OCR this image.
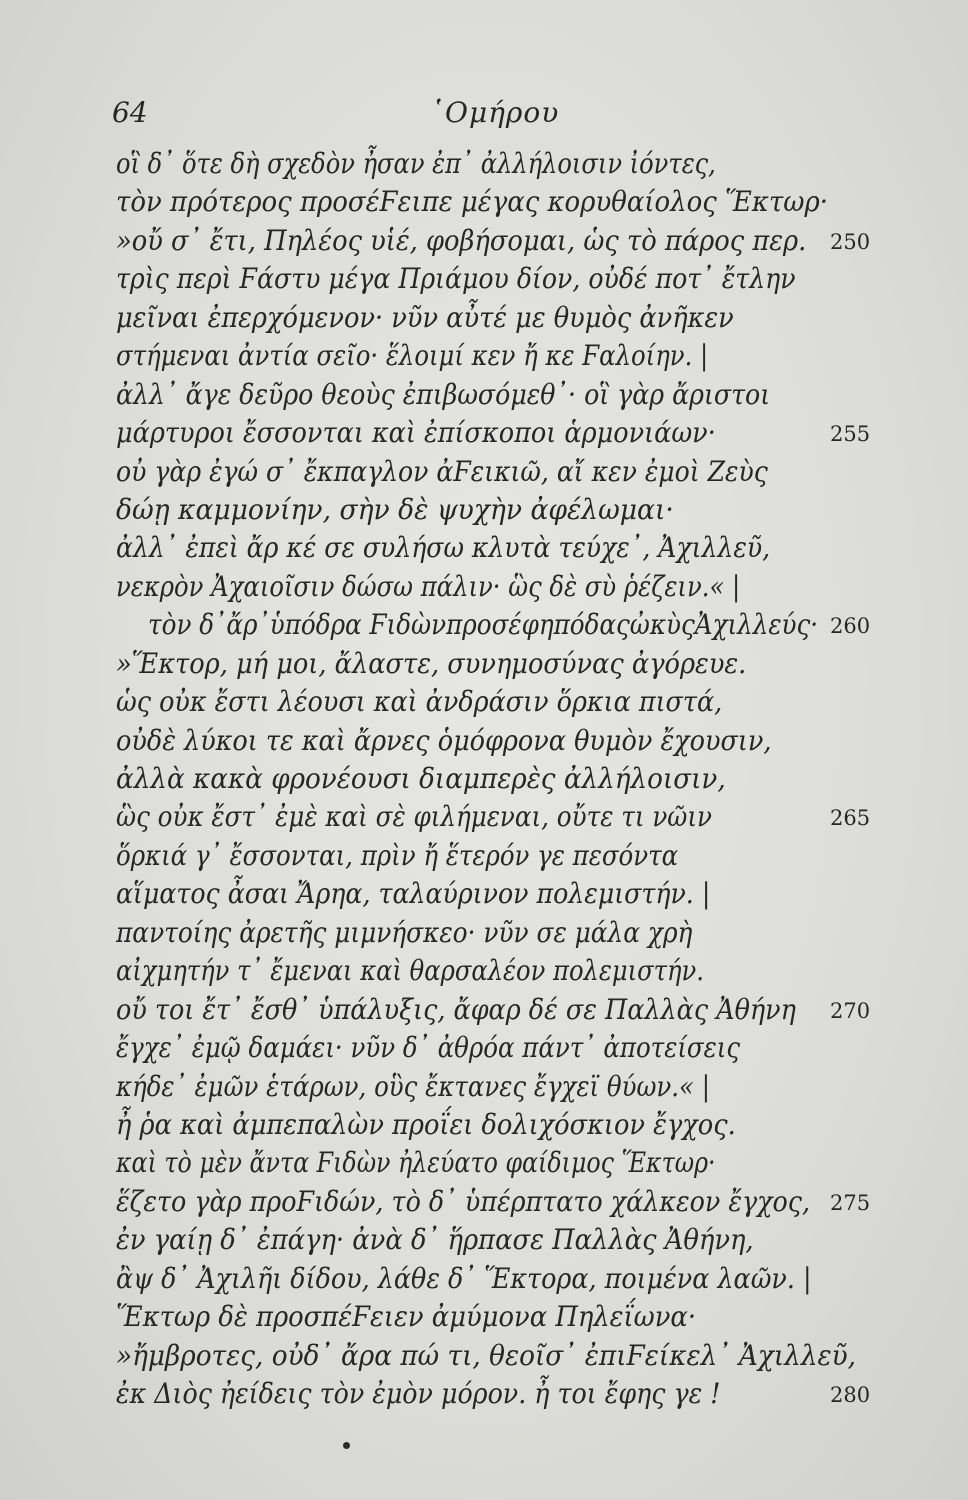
64	῾Ομήρου
οἳ δ᾽ ὅτε δὴ σχεδὸν ἦσαν ἐπ᾽ ἀλλήλοισιν ἰόντες,
τὸν πρότερος προσέϜειπε μέγας κορυθαίολος Ἕκτωρ·
»οὔ σ᾽ ἔτι, Πηλέος υἱέ, φοβήσομαι, ὡς τὸ πάρος περ.
τρὶς περὶ Ϝάστυ μέγα Πριάμου δίον, οὐδέ ποτ᾽ ἔτλην
μεῖναι ἐπερχόμενον· νῦν αὖτέ με θυμὸς ἀνῆκεν
στήμεναι ἀντία σεῖο· ἕλοιμί κεν ἤ κε Ϝαλοίην. |
ἀλλ᾽ ἄγε δεῦρο θεοὺς ἐπιβωσόμεθ᾽· οἳ γὰρ ἄριστοι
μάρτυροι ἔσσονται καὶ ἐπίσκοποι ἁρμονιάων·
οὐ γὰρ ἐγώ σ᾽ ἔκπαγλον ἀϜεικιῶ, αἴ κεν ἐμοὶ Ζεὺς
δώῃ καμμονίην, σὴν δὲ ψυχὴν ἀφέλωμαι·
ἀλλ᾽ ἐπεὶ ἄρ κέ σε συλήσω κλυτὰ τεύχε᾽, Ἀχιλλεῦ,
νεκρὸν Ἀχαιοῖσιν δώσω πάλιν· ὣς δὲ σὺ ῥέζειν.« |
τὸν δ᾽ἄρ᾽ὑπόδρα ϜιδὼνπροσέφηπόδαςὠκὺςἈχιλλεύς·
»Ἕκτορ, μή μοι, ἄλαστε, συνημοσύνας ἀγόρευε.
ὡς οὐκ ἔστι λέουσι καὶ ἀνδράσιν ὅρκια πιστά,
οὐδὲ λύκοι τε καὶ ἄρνες ὁμόφρονα θυμὸν ἔχουσιν,
ἀλλὰ κακὰ φρονέουσι διαμπερὲς ἀλλήλοισιν,
ὣς οὐκ ἔστ᾽ ἐμὲ καὶ σὲ φιλήμεναι, οὔτε τι νῶιν
ὅρκιά γ᾽ ἔσσονται, πρὶν ἤ ἕτερόν γε πεσόντα
αἵματος ἆσαι Ἄρηα, ταλαύρινον πολεμιστήν. |
παντοίης ἀρετῆς μιμνήσκεο· νῦν σε μάλα χρὴ
αἰχμητήν τ᾽ ἔμεναι καὶ θαρσαλέον πολεμιστήν.
οὔ τοι ἔτ᾽ ἔσθ᾽ ὑπάλυξις, ἄφαρ δέ σε Παλλὰς Ἀθήνη
ἔγχε᾽ ἐμῷ δαμάει· νῦν δ᾽ ἀθρόα πάντ᾽ ἀποτείσεις
κήδε᾽ ἐμῶν ἑτάρων, οὓς ἔκτανες ἔγχεϊ θύων.« |
ἦ ῥα καὶ ἀμπεπαλὼν προΐει δολιχόσκιον ἔγχος.
καὶ τὸ μὲν ἄντα Ϝιδὼν ἠλεύατο φαίδιμος Ἕκτωρ·
ἕζετο γὰρ προϜιδών, τὸ δ᾽ ὑπέρπτατο χάλκεον ἔγχος,
ἐν γαίῃ δ᾽ ἐπάγη· ἀνὰ δ᾽ ἥρπασε Παλλὰς Ἀθήνη,
ἂψ δ᾽ Ἀχιλῆι δίδου, λάθε δ᾽ Ἕκτορα, ποιμένα λαῶν. |
Ἕκτωρ δὲ προσπέϜειεν ἀμύμονα Πηλεΐωνα·
»ἤμβροτες, οὐδ᾽ ἄρα πώ τι, θεοῖσ᾽ ἐπιϜείκελ᾽ Ἀχιλλεῦ,
ἐκ Διὸς ἠείδεις τὸν ἐμὸν μόρον. ἦ τοι ἔφης γε !
250
255
260
265
270
275
280
